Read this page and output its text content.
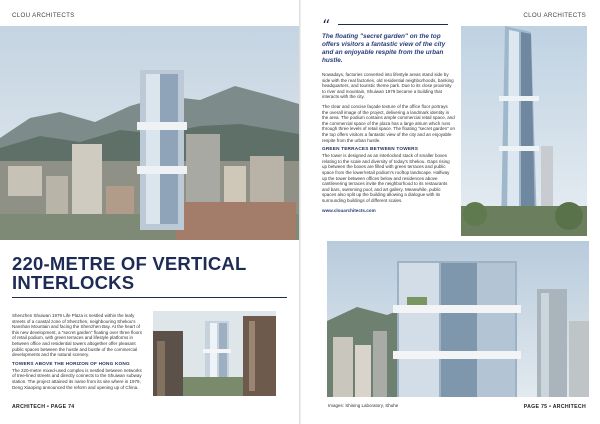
CLOU ARCHITECTS	CLOU ARCHITECTS
220-METRE OF VERTICAL
INTERLOCKS

Shenzhen Shuiwan 1979 Life Plaza is nestled within the leafy streets of a coastal zone of Shenzhen, neighbouring Shekou's Nanshan Mountain and facing the Shenzhen Bay. At the heart of this new development, a "secret garden" floating over three floors of retail podium, with green terraces and lifestyle platforms in between office and residential towers altogether offer pleasant public spaces between the hustle and bustle of the commercial developments and the natural scenery.

TOWERS ABOVE THE HORIZON OF HONG KONG

The 220-metre mixed-used complex is nestled between networks of tree-lined streets and directly connects to the Shuiwan subway station. The project attained its name from its site where in 1979, Deng Xiaoping announced the reform and opening up of China.

“
The floating "secret garden" on the top offers visitors a fantastic view of the city and an enjoyable respite from the urban hustle.

Nowadays, factories converted into lifestyle areas stand side by side with the real factories, old residential neighborhoods, banking headquarters, and touristic theme park. Due to its close proximity to river and mountain, Shuiwan 1979 became a building that interacts with the city.

The clear and concise façade texture of the office floor portrays the overall image of the project, delivering a landmark identity in the area. The podium contains ample commercial retail space, and the commercial space of the plaza has a large atrium which runs through three levels of retail space. The floating "secret garden" on the top offers visitors a fantastic view of the city and an enjoyable respite from the urban hustle.

GREEN TERRACES BETWEEN TOWERS

The tower is designed as an interlocked stack of smaller boxes relating to the scale and diversity of today's Shekou. Gaps rising up between the boxes are filled with green terraces and public space from the lower/retail podium's rooftop landscape. Halfway up the tower between offices below and residences above cantilevering terraces invite the neighborhood to its restaurants and bars, swimming pool, and art gallery. Meanwhile, public spaces also split up the building allowing a dialogue with its surrounding buildings of different scales.

www.clouarchitects.com
Images: Shining Laboratory, Shuhe
ARCHITECH • PAGE 74	PAGE 75 • ARCHITECH
